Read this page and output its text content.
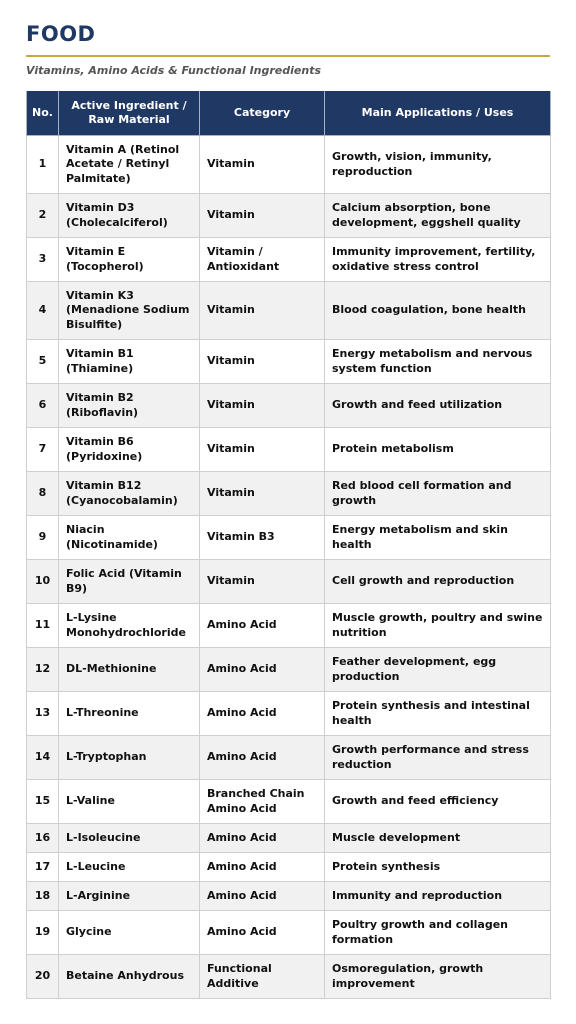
FOOD
Vitamins, Amino Acids & Functional Ingredients
No.	Active Ingredient / Raw Material	Category	Main Applications / Uses
1	Vitamin A (Retinol Acetate / Retinyl Palmitate)	Vitamin	Growth, vision, immunity, reproduction
2	Vitamin D3 (Cholecalciferol)	Vitamin	Calcium absorption, bone development, eggshell quality
3	Vitamin E (Tocopherol)	Vitamin / Antioxidant	Immunity improvement, fertility, oxidative stress control
4	Vitamin K3 (Menadione Sodium Bisulfite)	Vitamin	Blood coagulation, bone health
5	Vitamin B1 (Thiamine)	Vitamin	Energy metabolism and nervous system function
6	Vitamin B2 (Riboflavin)	Vitamin	Growth and feed utilization
7	Vitamin B6 (Pyridoxine)	Vitamin	Protein metabolism
8	Vitamin B12 (Cyanocobalamin)	Vitamin	Red blood cell formation and growth
9	Niacin (Nicotinamide)	Vitamin B3	Energy metabolism and skin health
10	Folic Acid (Vitamin B9)	Vitamin	Cell growth and reproduction
11	L-Lysine Monohydrochloride	Amino Acid	Muscle growth, poultry and swine nutrition
12	DL-Methionine	Amino Acid	Feather development, egg production
13	L-Threonine	Amino Acid	Protein synthesis and intestinal health
14	L-Tryptophan	Amino Acid	Growth performance and stress reduction
15	L-Valine	Branched Chain Amino Acid	Growth and feed efficiency
16	L-Isoleucine	Amino Acid	Muscle development
17	L-Leucine	Amino Acid	Protein synthesis
18	L-Arginine	Amino Acid	Immunity and reproduction
19	Glycine	Amino Acid	Poultry growth and collagen formation
20	Betaine Anhydrous	Functional Additive	Osmoregulation, growth improvement
